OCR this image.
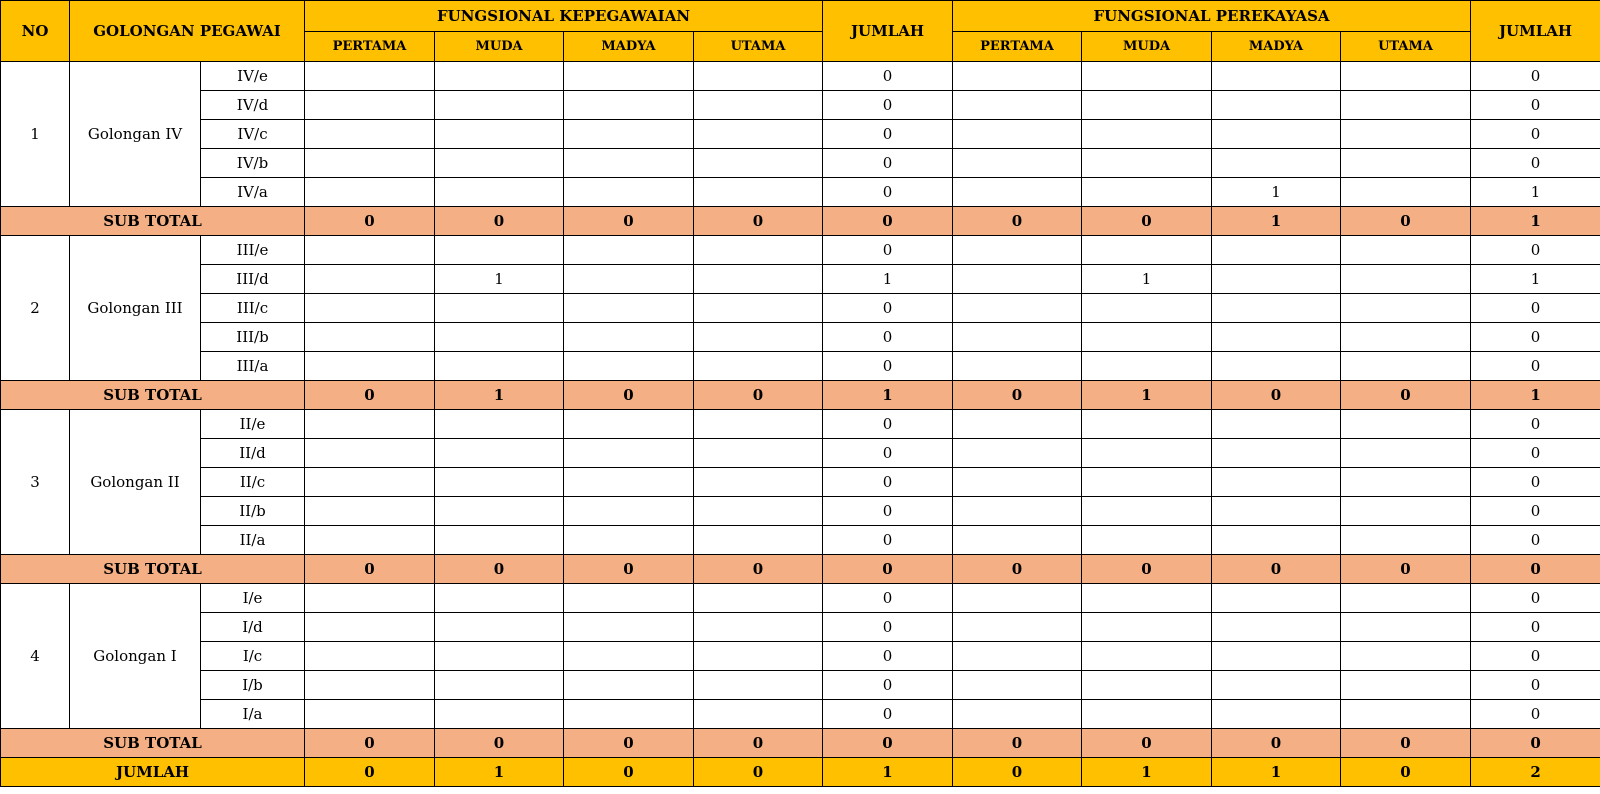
NO	GOLONGAN PEGAWAI		FUNGSIONAL KEPEGAWAIAN				JUMLAH	FUNGSIONAL PEREKAYASA				JUMLAH
			PERTAMA	MUDA	MADYA	UTAMA		PERTAMA	MUDA	MADYA	UTAMA	
1	Golongan IV	IV/e					0					0
		IV/d					0					0
		IV/c					0					0
		IV/b					0					0
		IV/a					0			1		1
SUB TOTAL			0	0	0	0	0	0	0	1	0	1
2	Golongan III	III/e					0					0
		III/d		1			1		1			1
		III/c					0					0
		III/b					0					0
		III/a					0					0
SUB TOTAL			0	1	0	0	1	0	1	0	0	1
3	Golongan II	II/e					0					0
		II/d					0					0
		II/c					0					0
		II/b					0					0
		II/a					0					0
SUB TOTAL			0	0	0	0	0	0	0	0	0	0
4	Golongan I	I/e					0					0
		I/d					0					0
		I/c					0					0
		I/b					0					0
		I/a					0					0
SUB TOTAL			0	0	0	0	0	0	0	0	0	0
JUMLAH			0	1	0	0	1	0	1	1	0	2
